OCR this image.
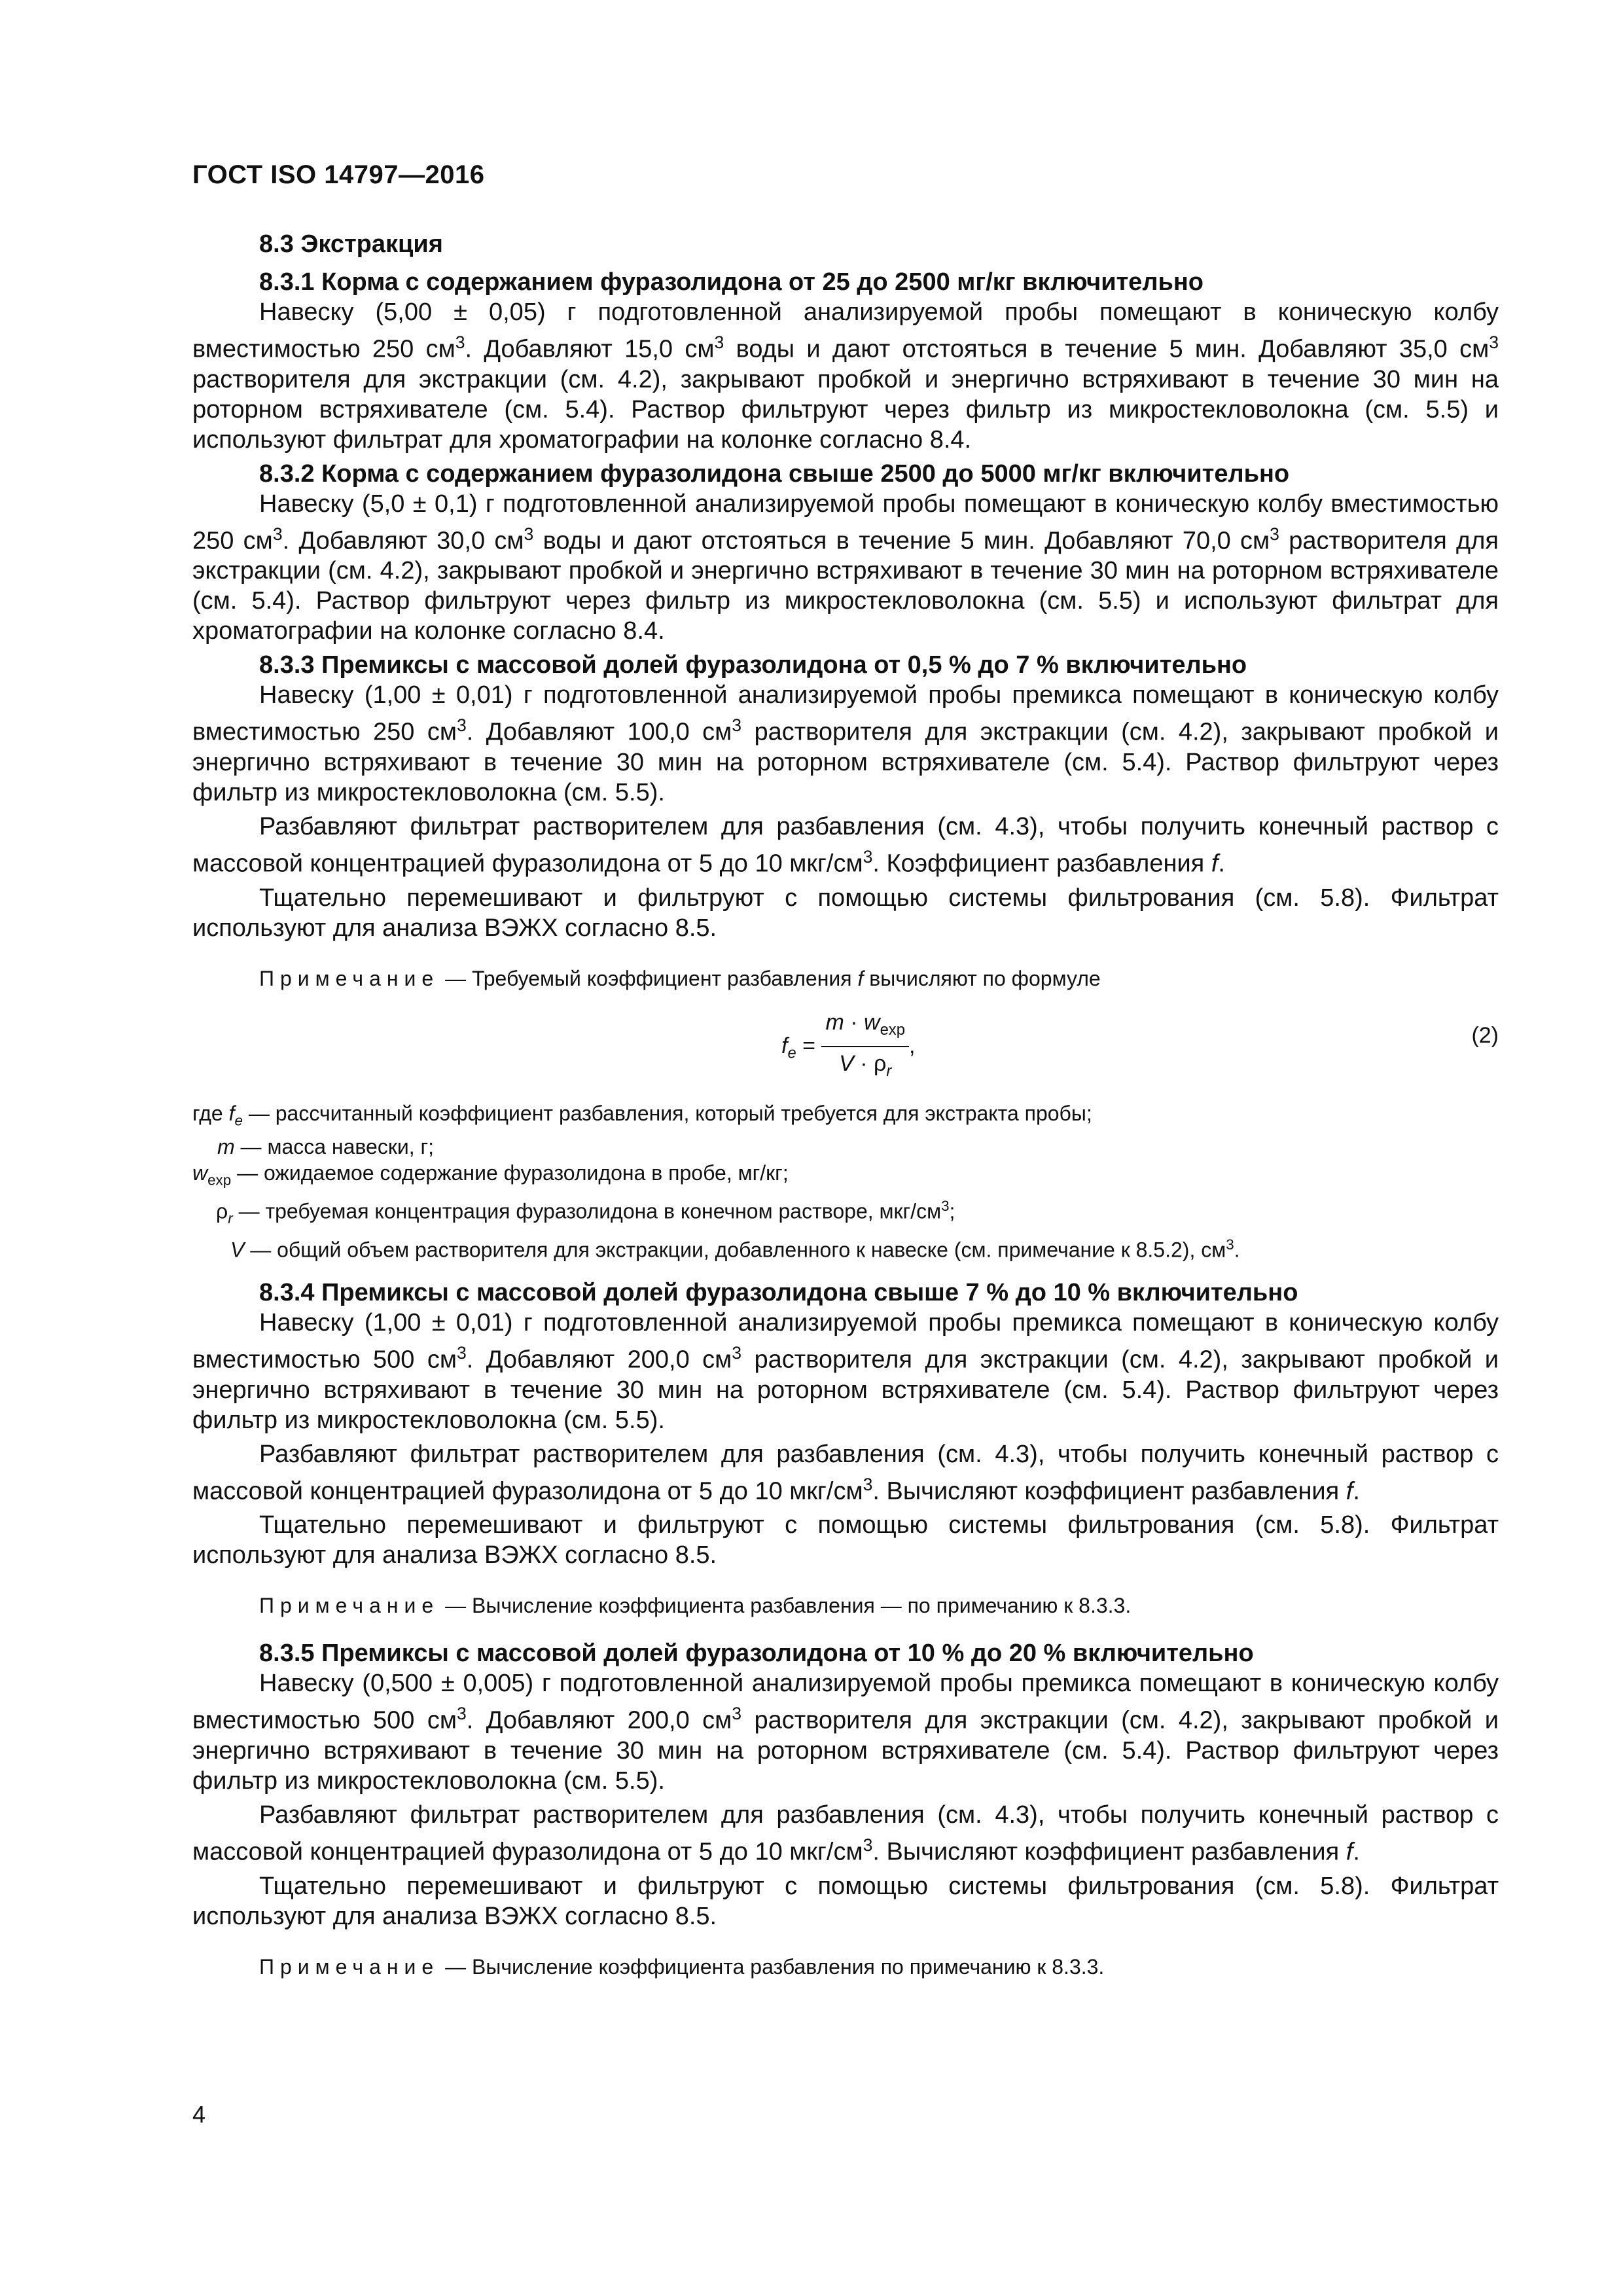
ГОСТ ISO 14797—2016

8.3 Экстракция

8.3.1 Корма с содержанием фуразолидона от 25 до 2500 мг/кг включительно

Навеску (5,00 ± 0,05) г подготовленной анализируемой пробы помещают в коническую колбу вместимостью 250 $см^3$. Добавляют 15,0 $см^3$ воды и дают отстояться в течение 5 мин. Добавляют 35,0 $см^3$ растворителя для экстракции (см. 4.2), закрывают пробкой и энергично встряхивают в течение 30 мин на роторном встряхивателе (см. 5.4). Раствор фильтруют через фильтр из микростекловолокна (см. 5.5) и используют фильтрат для хроматографии на колонке согласно 8.4.

8.3.2 Корма с содержанием фуразолидона свыше 2500 до 5000 мг/кг включительно

Навеску (5,0 ± 0,1) г подготовленной анализируемой пробы помещают в коническую колбу вместимостью 250 $см^3$. Добавляют 30,0 $см^3$ воды и дают отстояться в течение 5 мин. Добавляют 70,0 $см^3$ растворителя для экстракции (см. 4.2), закрывают пробкой и энергично встряхивают в течение 30 мин на роторном встряхивателе (см. 5.4). Раствор фильтруют через фильтр из микростекловолокна (см. 5.5) и используют фильтрат для хроматографии на колонке согласно 8.4.

8.3.3 Премиксы с массовой долей фуразолидона от 0,5 % до 7 % включительно

Навеску (1,00 ± 0,01) г подготовленной анализируемой пробы премикса помещают в коническую колбу вместимостью 250 $см^3$. Добавляют 100,0 $см^3$ растворителя для экстракции (см. 4.2), закрывают пробкой и энергично встряхивают в течение 30 мин на роторном встряхивателе (см. 5.4). Раствор фильтруют через фильтр из микростекловолокна (см. 5.5).

Разбавляют фильтрат растворителем для разбавления (см. 4.3), чтобы получить конечный раствор с массовой концентрацией фуразолидона от 5 до 10 мкг/$см^3$. Коэффициент разбавления f.

Тщательно перемешивают и фильтруют с помощью системы фильтрования (см. 5.8). Фильтрат используют для анализа ВЭЖХ согласно 8.5.

Примечание — Требуемый коэффициент разбавления f вычисляют по формуле

$f_e = \frac{m \cdot w_{exp}}{V \cdot \rho_r}$ ,	(2)

где $f_e$ — рассчитанный коэффициент разбавления, который требуется для экстракта пробы;

m — масса навески, г;

$w_{exp}$ — ожидаемое содержание фуразолидона в пробе, мг/кг;

$\rho_r$ — требуемая концентрация фуразолидона в конечном растворе, мкг/$см^3$;

V — общий объем растворителя для экстракции, добавленного к навеске (см. примечание к 8.5.2), $см^3$.

8.3.4 Премиксы с массовой долей фуразолидона свыше 7 % до 10 % включительно

Навеску (1,00 ± 0,01) г подготовленной анализируемой пробы премикса помещают в коническую колбу вместимостью 500 $см^3$. Добавляют 200,0 $см^3$ растворителя для экстракции (см. 4.2), закрывают пробкой и энергично встряхивают в течение 30 мин на роторном встряхивателе (см. 5.4). Раствор фильтруют через фильтр из микростекловолокна (см. 5.5).

Разбавляют фильтрат растворителем для разбавления (см. 4.3), чтобы получить конечный раствор с массовой концентрацией фуразолидона от 5 до 10 мкг/$см^3$. Вычисляют коэффициент разбавления f.

Тщательно перемешивают и фильтруют с помощью системы фильтрования (см. 5.8). Фильтрат используют для анализа ВЭЖХ согласно 8.5.

Примечание — Вычисление коэффициента разбавления — по примечанию к 8.3.3.

8.3.5 Премиксы с массовой долей фуразолидона от 10 % до 20 % включительно

Навеску (0,500 ± 0,005) г подготовленной анализируемой пробы премикса помещают в коническую колбу вместимостью 500 $см^3$. Добавляют 200,0 $см^3$ растворителя для экстракции (см. 4.2), закрывают пробкой и энергично встряхивают в течение 30 мин на роторном встряхивателе (см. 5.4). Раствор фильтруют через фильтр из микростекловолокна (см. 5.5).

Разбавляют фильтрат растворителем для разбавления (см. 4.3), чтобы получить конечный раствор с массовой концентрацией фуразолидона от 5 до 10 мкг/$см^3$. Вычисляют коэффициент разбавления f.

Тщательно перемешивают и фильтруют с помощью системы фильтрования (см. 5.8). Фильтрат используют для анализа ВЭЖХ согласно 8.5.

Примечание — Вычисление коэффициента разбавления по примечанию к 8.3.3.

4
